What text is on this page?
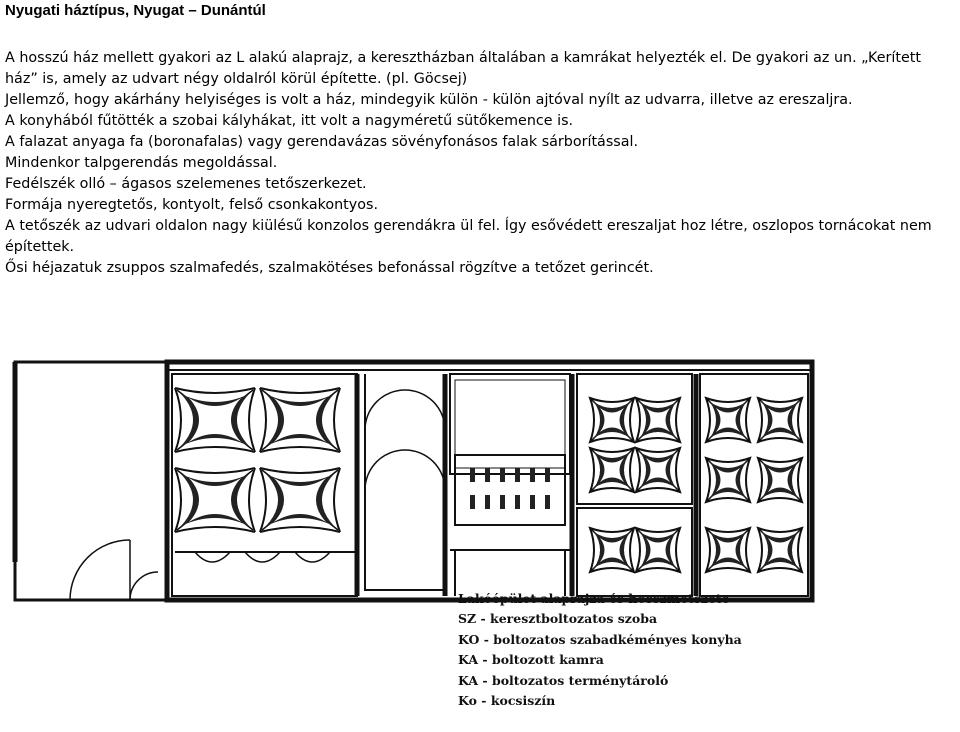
Nyugati háztípus, Nyugat – Dunántúl

A hosszú ház mellett gyakori az L alakú alaprajz, a keresztházban általában a kamrákat helyezték el. De gyakori az un. „Kerített ház” is, amely az udvart négy oldalról körül építette. (pl. Göcsej)

Jellemző, hogy akárhány helyiséges is volt a ház, mindegyik külön - külön ajtóval nyílt az udvarra, illetve az ereszaljra.

A konyhából fűtötték a szobai kályhákat, itt volt a nagyméretű sütőkemence is.

A falazat anyaga fa (boronafalas) vagy gerendavázas sövényfonásos falak sárborítással.

Mindenkor talpgerendás megoldással.

Fedélszék olló – ágasos szelemenes tetőszerkezet.

Formája nyeregtetős, kontyolt, felső csonkakontyos.

A tetőszék az udvari oldalon nagy kiülésű konzolos gerendákra ül fel. Így esővédett ereszaljat hoz létre, oszlopos tornácokat nem építettek.

Ősi héjazatuk zsuppos szalmafedés, szalmakötéses befonással rögzítve a tetőzet gerincét.

Lakóépület alaprajza és hosszmetszete
SZ - keresztboltozatos szoba
KO - boltozatos szabadkéményes konyha
KA - boltozott kamra
KA - boltozatos terménytároló
Ko - kocsiszín
